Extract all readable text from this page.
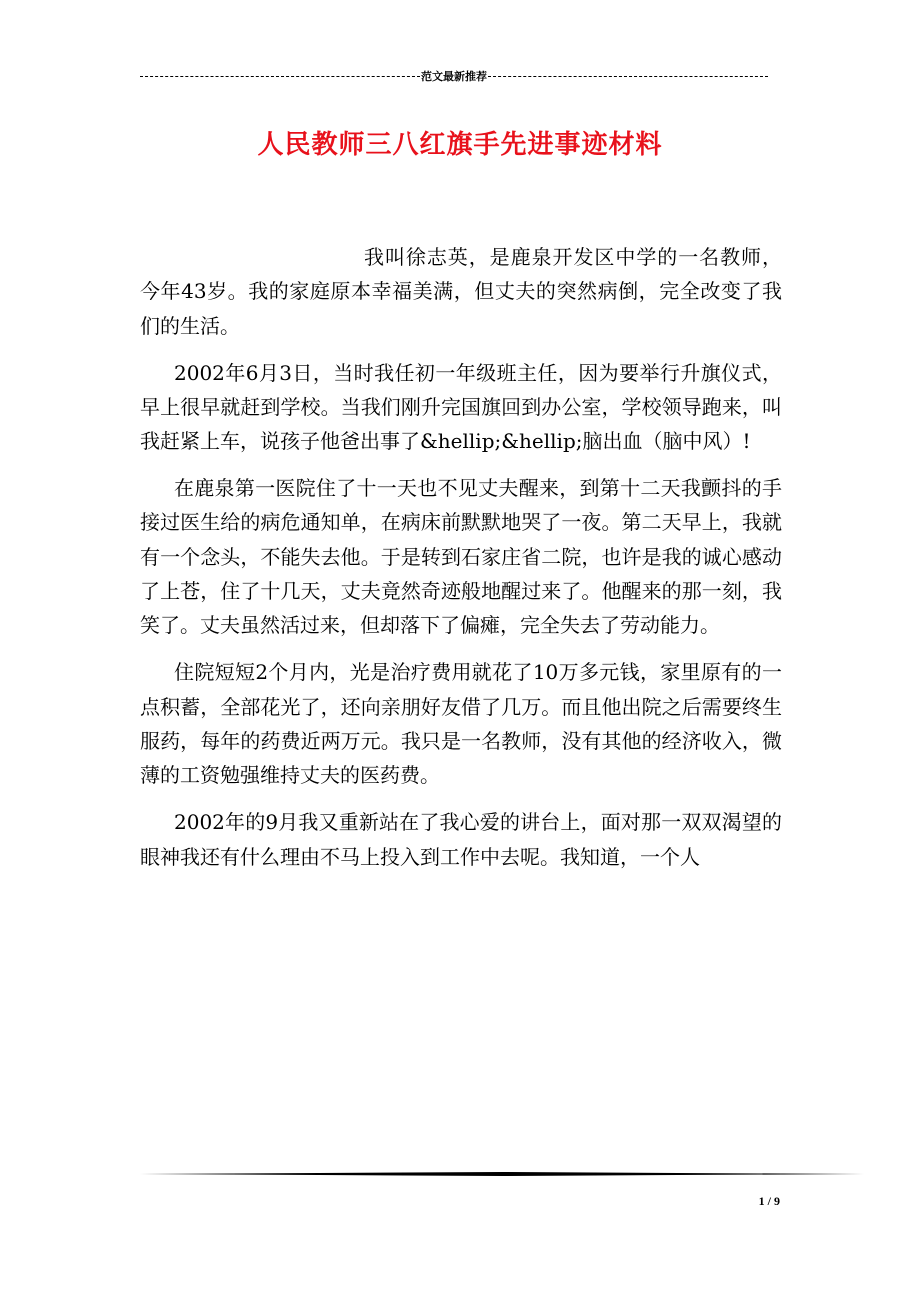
范文最新推荐
人民教师三八红旗手先进事迹材料

我叫徐志英，是鹿泉开发区中学的一名教师，今年43岁。我的家庭原本幸福美满，但丈夫的突然病倒，完全改变了我们的生活。

2002年6月3日，当时我任初一年级班主任，因为要举行升旗仪式，早上很早就赶到学校。当我们刚升完国旗回到办公室，学校领导跑来，叫我赶紧上车，说孩子他爸出事了&hellip;&hellip;脑出血（脑中风）!

在鹿泉第一医院住了十一天也不见丈夫醒来，到第十二天我颤抖的手接过医生给的病危通知单，在病床前默默地哭了一夜。第二天早上，我就有一个念头，不能失去他。于是转到石家庄省二院，也许是我的诚心感动了上苍，住了十几天，丈夫竟然奇迹般地醒过来了。他醒来的那一刻，我笑了。丈夫虽然活过来，但却落下了偏瘫，完全失去了劳动能力。

住院短短2个月内，光是治疗费用就花了10万多元钱，家里原有的一点积蓄，全部花光了，还向亲朋好友借了几万。而且他出院之后需要终生服药，每年的药费近两万元。我只是一名教师，没有其他的经济收入，微薄的工资勉强维持丈夫的医药费。

2002年的9月我又重新站在了我心爱的讲台上，面对那一双双渴望的眼神我还有什么理由不马上投入到工作中去呢。我知道，一个人

1 / 9
